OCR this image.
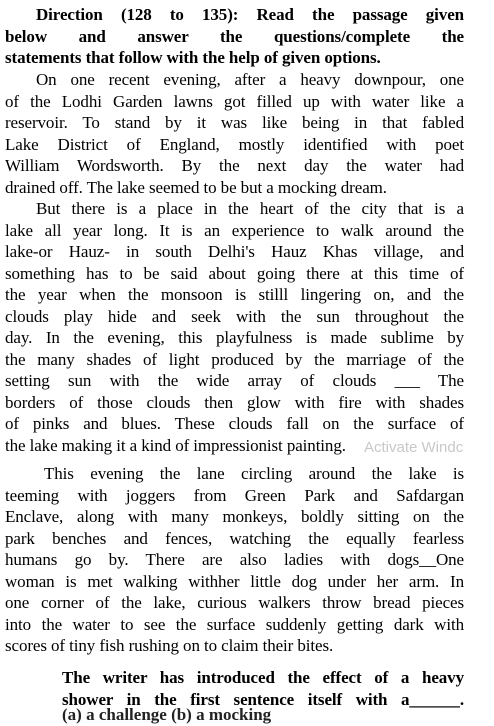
Direction (128 to 135): Read the passage given
below and answer the questions/complete the
statements that follow with the help of given options.
On one recent evening, after a heavy downpour, one
of the Lodhi Garden lawns got filled up with water like a
reservoir. To stand by it was like being in that fabled
Lake District of England, mostly identified with poet
William Wordsworth. By the next day the water had
drained off. The lake seemed to be but a mocking dream.
But there is a place in the heart of the city that is a
lake all year long. It is an experience to walk around the
lake-or Hauz- in south Delhi's Hauz Khas village, and
something has to be said about going there at this time of
the year when the monsoon is stilll lingering on, and the
clouds play hide and seek with the sun throughout the
day. In the evening, this playfulness is made sublime by
the many shades of light produced by the marriage of the
setting sun with the wide array of clouds ___ The
borders of those clouds then glow with fire with shades
of pinks and blues. These clouds fall on the surface of
the lake making it a kind of impressionist painting.
This evening the lane circling around the lake is
teeming with joggers from Green Park and Safdargan
Enclave, along with many monkeys, boldly sitting on the
park benches and fences, watching the equally fearless
humans go by. There are also ladies with dogs__One
woman is met walking withher little dog under her arm. In
one corner of the lake, curious walkers throw bread pieces
into the water to see the surface suddenly getting dark with
scores of tiny fish rushing on to claim their bites.
The writer has introduced the effect of a heavy
shower in the first sentence itself with a______.
(a) a challenge (b) a mocking
Activate Windc
